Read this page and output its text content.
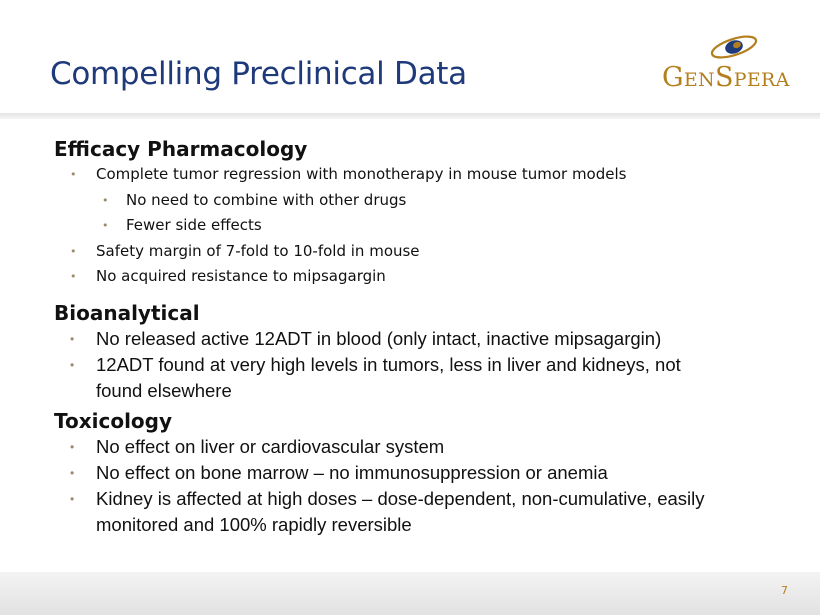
Compelling Preclinical Data	GENSPERA
Efficacy Pharmacology
• Complete tumor regression with monotherapy in mouse tumor models
• No need to combine with other drugs
• Fewer side effects
• Safety margin of 7-fold to 10-fold in mouse
• No acquired resistance to mipsagargin
Bioanalytical
• No released active 12ADT in blood (only intact, inactive mipsagargin)
• 12ADT found at very high levels in tumors, less in liver and kidneys, not
found elsewhere
Toxicology
• No effect on liver or cardiovascular system
• No effect on bone marrow – no immunosuppression or anemia
• Kidney is affected at high doses – dose-dependent, non-cumulative, easily
monitored and 100% rapidly reversible
7
